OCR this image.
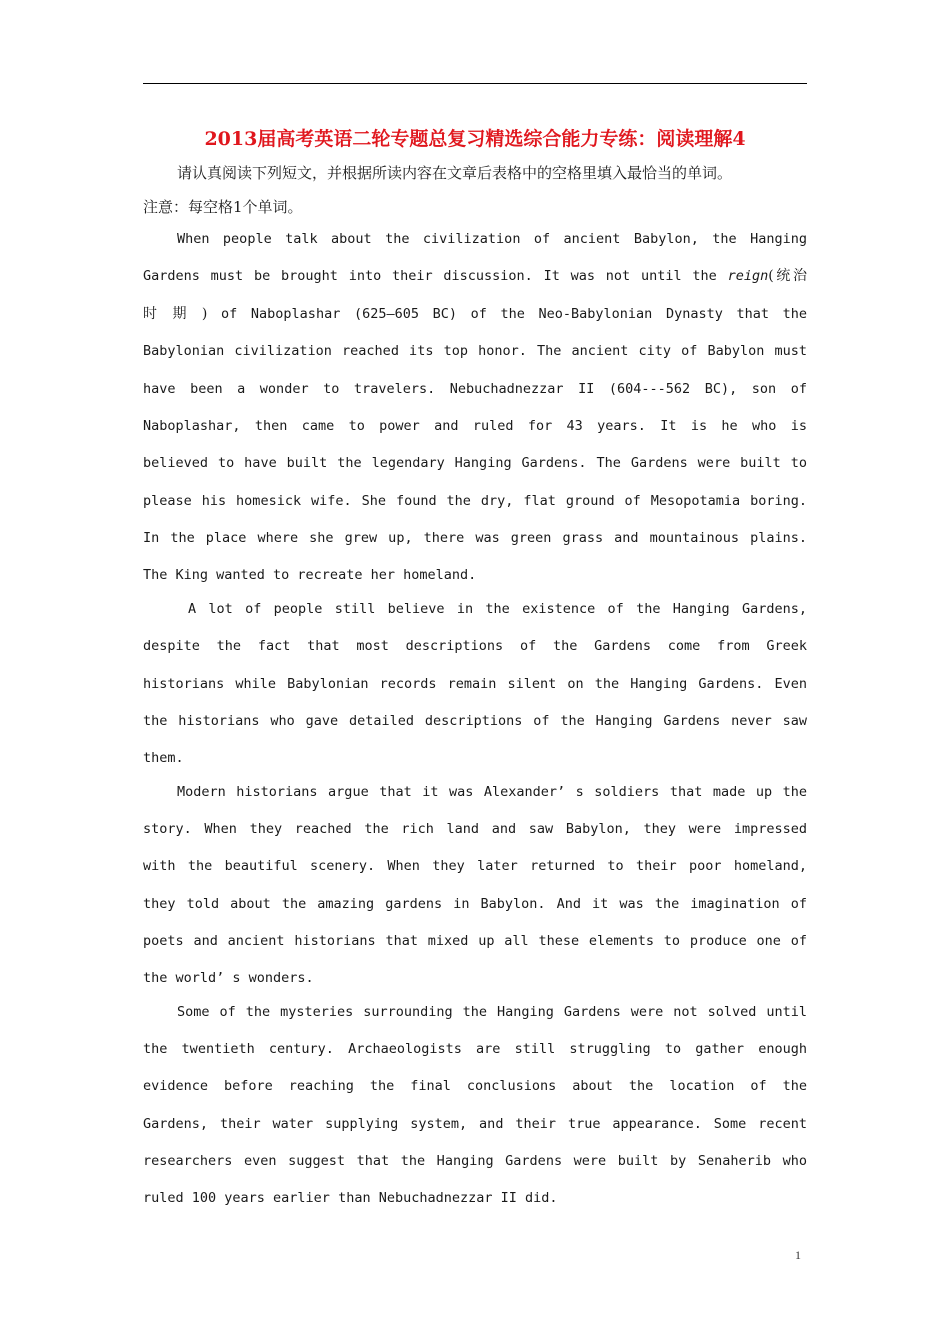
2013届高考英语二轮专题总复习精选综合能力专练：阅读理解4
请认真阅读下列短文，并根据所读内容在文章后表格中的空格里填入最恰当的单词。
注意：每空格1个单词。
When people talk about the civilization of ancient Babylon, the Hanging
Gardens must be brought into their discussion. It was not until the reign(统治
时 期 ) of Naboplashar (625—605 BC) of the Neo-Babylonian Dynasty that the
Babylonian civilization reached its top honor. The ancient city of Babylon must
have been a wonder to travelers. Nebuchadnezzar II (604---562 BC), son of
Naboplashar, then came to power and ruled for 43 years. It is he who is
believed to have built the legendary Hanging Gardens. The Gardens were built to
please his homesick wife. She found the dry, flat ground of Mesopotamia boring.
In the place where she grew up, there was green grass and mountainous plains.
The King wanted to recreate her homeland.
A lot of people still believe in the existence of the Hanging Gardens,
despite the fact that most descriptions of the Gardens come from Greek
historians while Babylonian records remain silent on the Hanging Gardens. Even
the historians who gave detailed descriptions of the Hanging Gardens never saw
them.
Modern historians argue that it was Alexander’ s soldiers that made up the
story. When they reached the rich land and saw Babylon, they were impressed
with the beautiful scenery. When they later returned to their poor homeland,
they told about the amazing gardens in Babylon. And it was the imagination of
poets and ancient historians that mixed up all these elements to produce one of
the world’ s wonders.
Some of the mysteries surrounding the Hanging Gardens were not solved until
the twentieth century. Archaeologists are still struggling to gather enough
evidence before reaching the final conclusions about the location of the
Gardens, their water supplying system, and their true appearance. Some recent
researchers even suggest that the Hanging Gardens were built by Senaherib who
ruled 100 years earlier than Nebuchadnezzar II did.
1
